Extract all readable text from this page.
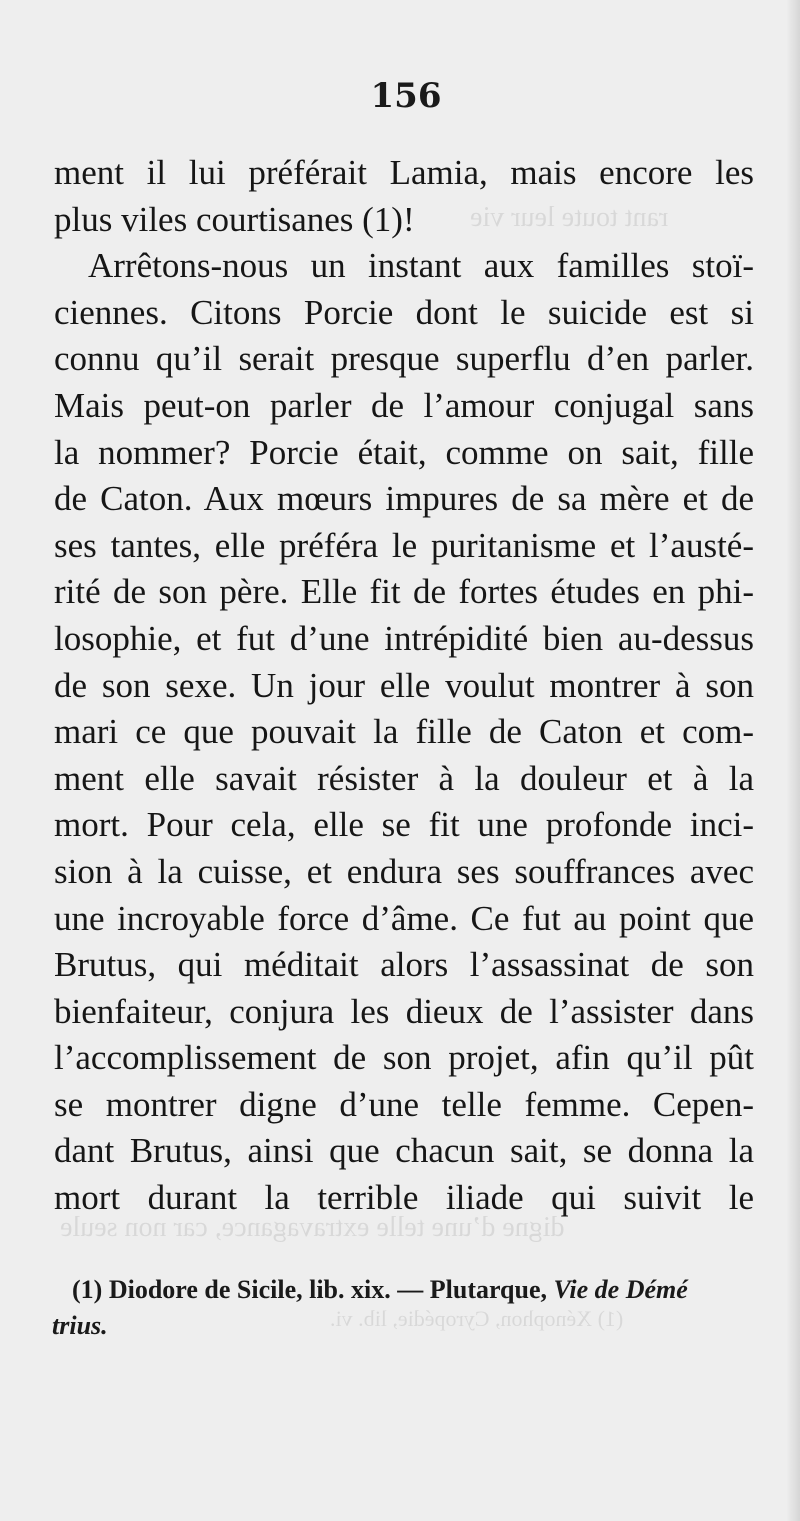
rant toute leur vie
digne d’une telle extravagance, car non seule
(1) Xénophon, Cyropédie, lib. vi.
156
ment il lui préférait Lamia, mais encore les
plus viles courtisanes (1)!
Arrêtons-nous un instant aux familles stoï-
ciennes. Citons Porcie dont le suicide est si
connu qu’il serait presque superflu d’en parler.
Mais peut-on parler de l’amour conjugal sans
la nommer? Porcie était, comme on sait, fille
de Caton. Aux mœurs impures de sa mère et de
ses tantes, elle préféra le puritanisme et l’austé-
rité de son père. Elle fit de fortes études en phi-
losophie, et fut d’une intrépidité bien au-dessus
de son sexe. Un jour elle voulut montrer à son
mari ce que pouvait la fille de Caton et com-
ment elle savait résister à la douleur et à la
mort. Pour cela, elle se fit une profonde inci-
sion à la cuisse, et endura ses souffrances avec
une incroyable force d’âme. Ce fut au point que
Brutus, qui méditait alors l’assassinat de son
bienfaiteur, conjura les dieux de l’assister dans
l’accomplissement de son projet, afin qu’il pût
se montrer digne d’une telle femme. Cepen-
dant Brutus, ainsi que chacun sait, se donna la
mort durant la terrible iliade qui suivit le
(1) Diodore de Sicile, lib. xix. — Plutarque, Vie de Démé
trius.
